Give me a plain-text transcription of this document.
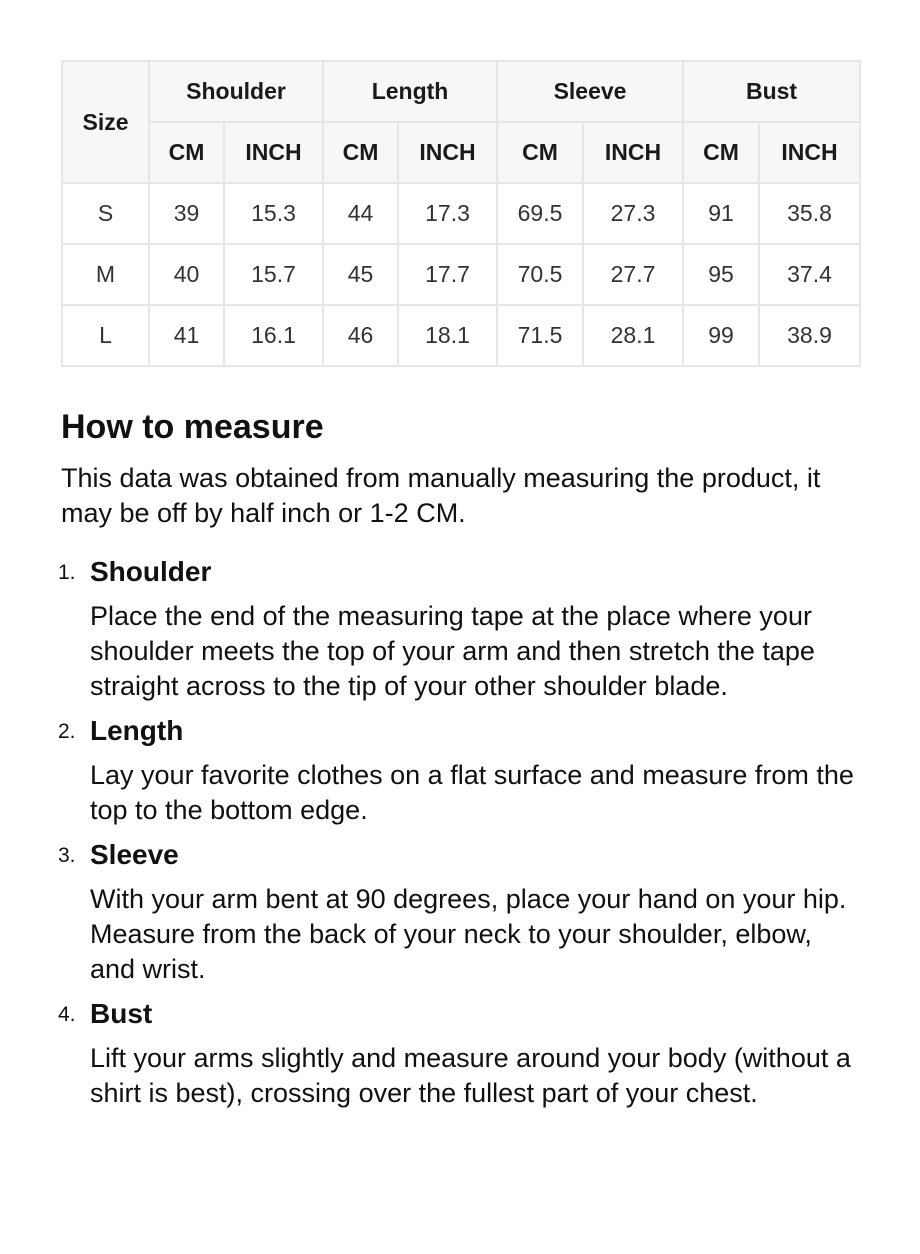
Size	Shoulder		Length		Sleeve		Bust	
	CM	INCH	CM	INCH	CM	INCH	CM	INCH
S	39	15.3	44	17.3	69.5	27.3	91	35.8
M	40	15.7	45	17.7	70.5	27.7	95	37.4
L	41	16.1	46	18.1	71.5	28.1	99	38.9
How to measure

This data was obtained from manually measuring the product, it may be off by half inch or 1-2 CM.

1. Shoulder
Place the end of the measuring tape at the place where your shoulder meets the top of your arm and then stretch the tape straight across to the tip of your other shoulder blade.
2. Length
Lay your favorite clothes on a flat surface and measure from the top to the bottom edge.
3. Sleeve
With your arm bent at 90 degrees, place your hand on your hip. Measure from the back of your neck to your shoulder, elbow, and wrist.
4. Bust
Lift your arms slightly and measure around your body (without a shirt is best), crossing over the fullest part of your chest.
